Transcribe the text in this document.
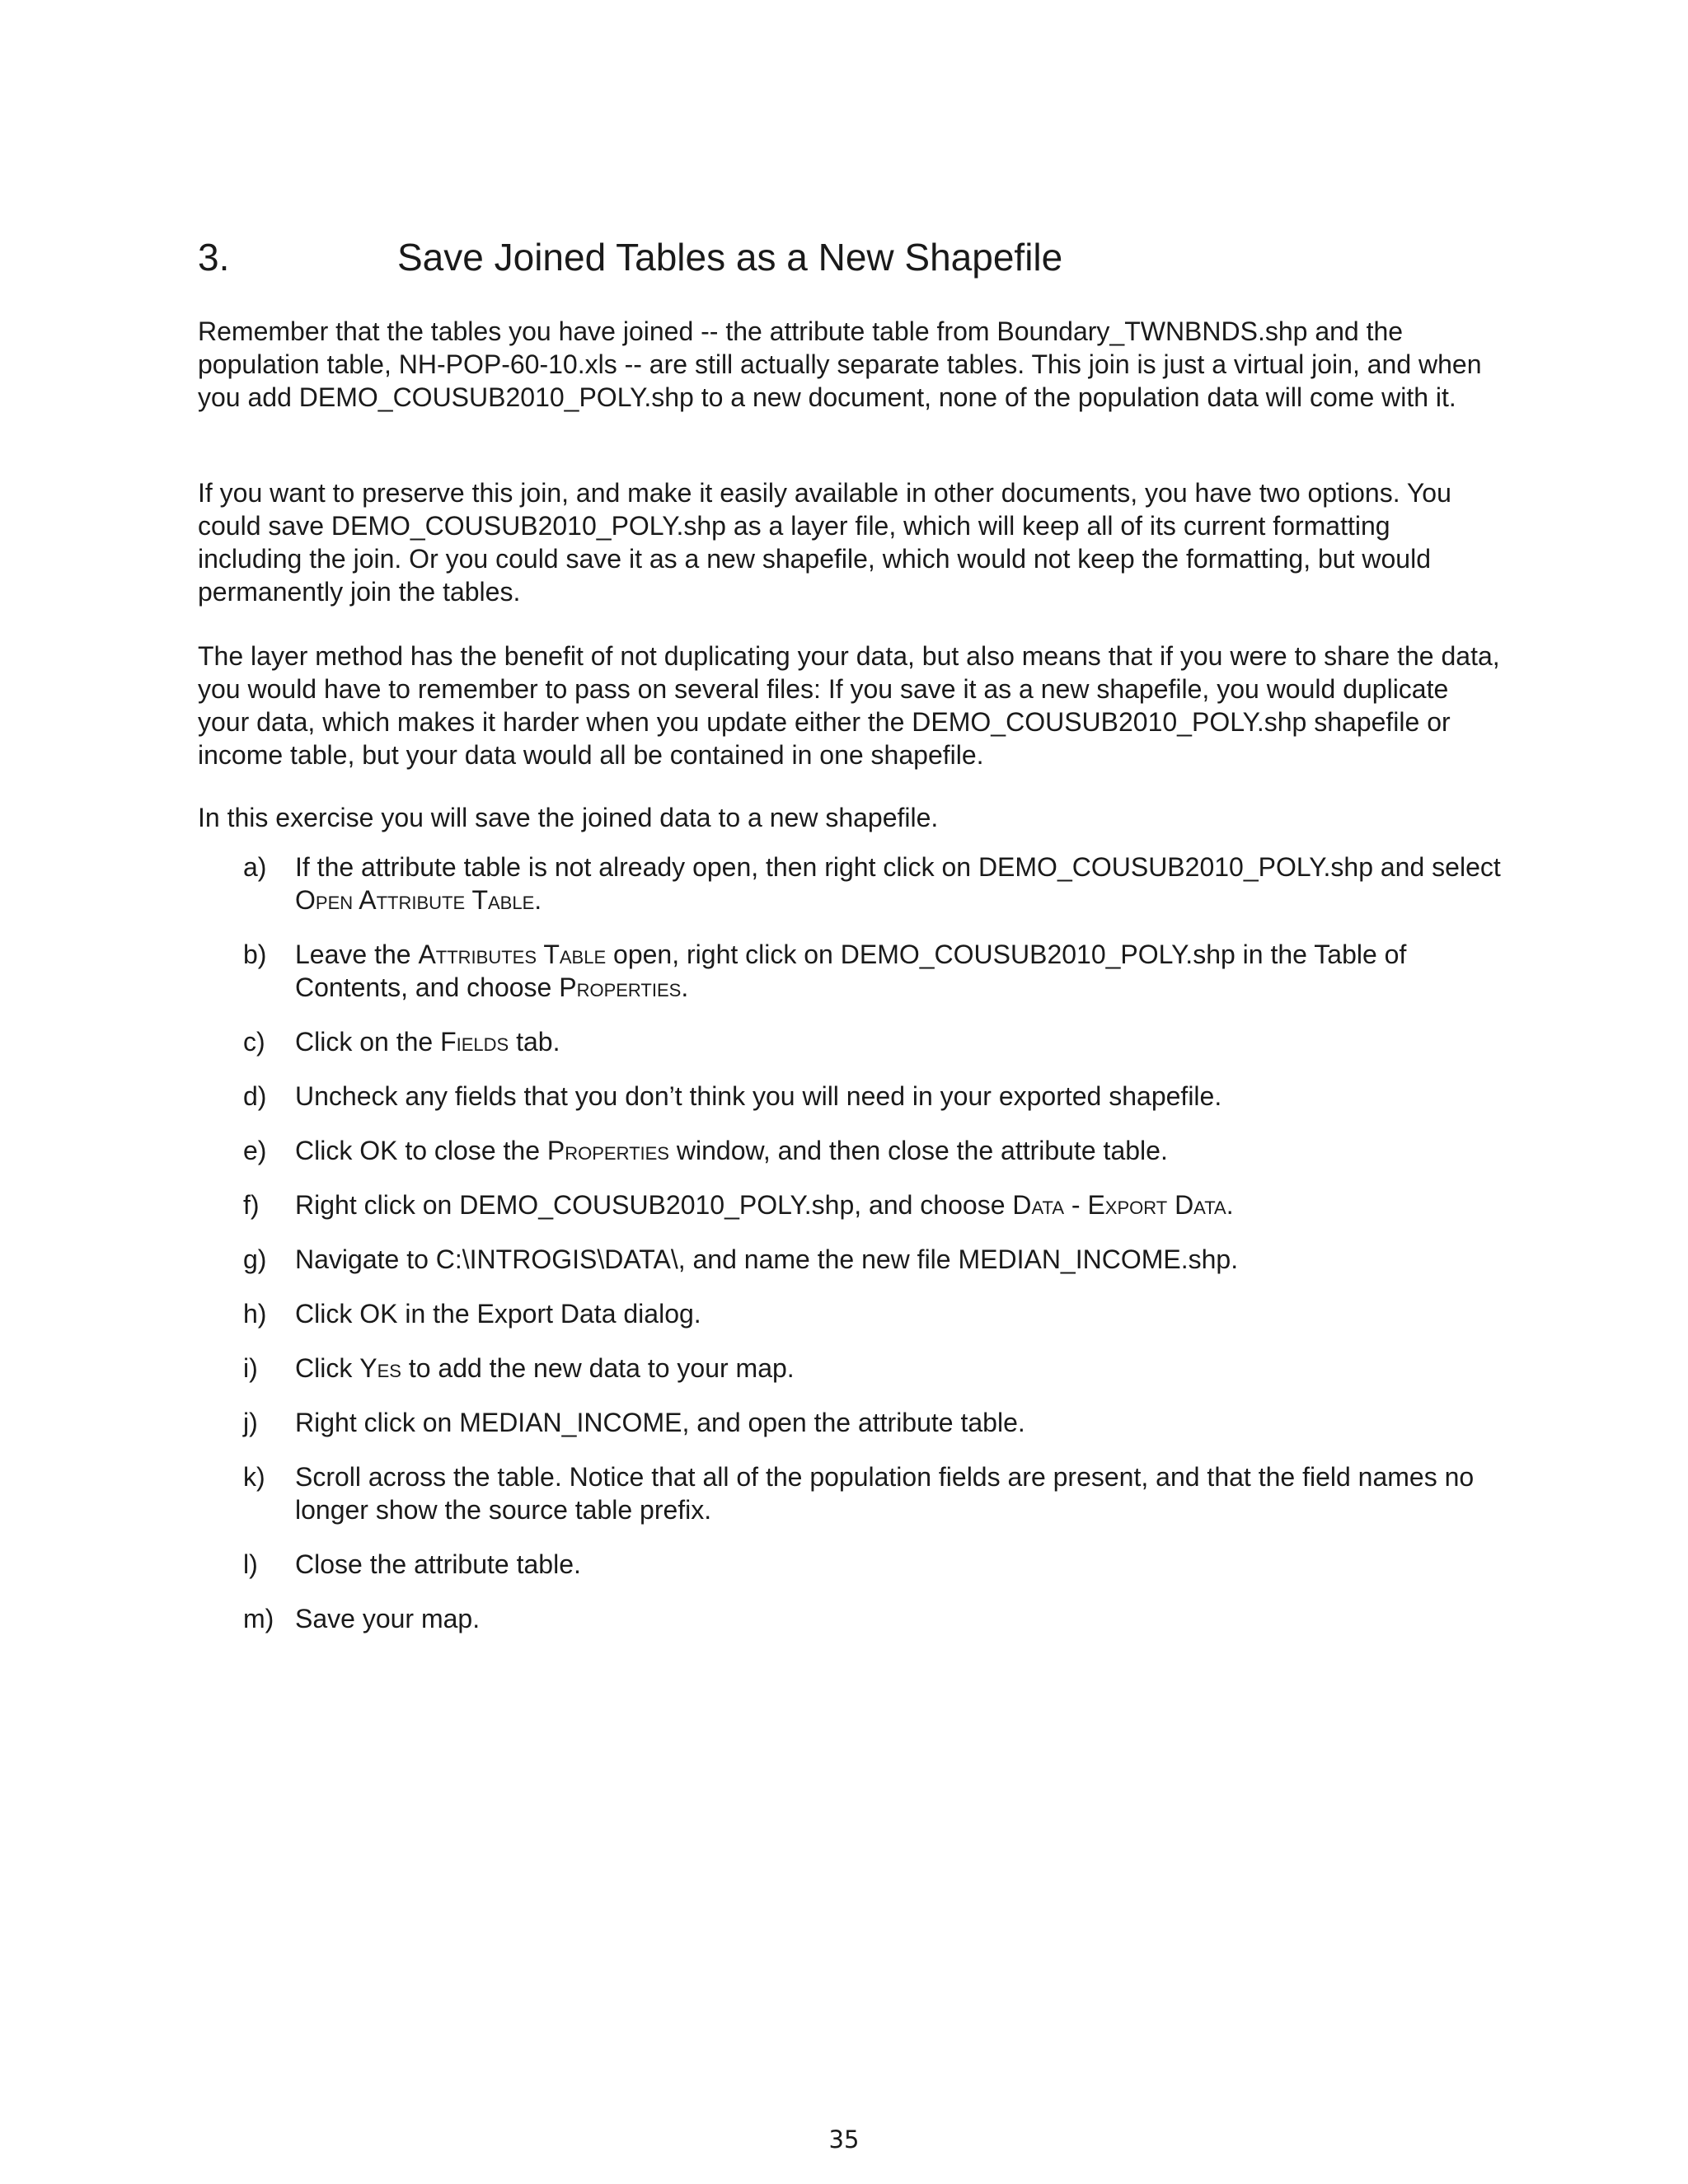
3.	Save Joined Tables as a New Shapefile

Remember that the tables you have joined -- the attribute table from Boundary_TWNBNDS.shp and the population table, NH-POP-60-10.xls -- are still actually separate tables. This join is just a virtual join, and when you add DEMO_COUSUB2010_POLY.shp to a new document, none of the population data will come with it.

If you want to preserve this join, and make it easily available in other documents, you have two options. You could save DEMO_COUSUB2010_POLY.shp as a layer file, which will keep all of its current formatting including the join. Or you could save it as a new shapefile, which would not keep the formatting, but would permanently join the tables.

The layer method has the benefit of not duplicating your data, but also means that if you were to share the data, you would have to remember to pass on several files: If you save it as a new shapefile, you would duplicate your data, which makes it harder when you update either the DEMO_COUSUB2010_POLY.shp shapefile or income table, but your data would all be contained in one shapefile.

In this exercise you will save the joined data to a new shapefile.

a) If the attribute table is not already open, then right click on DEMO_COUSUB2010_POLY.shp and select Open Attribute Table.
b) Leave the Attributes Table open, right click on DEMO_COUSUB2010_POLY.shp in the Table of Contents, and choose Properties.
c) Click on the Fields tab.
d) Uncheck any fields that you don’t think you will need in your exported shapefile.
e) Click OK to close the Properties window, and then close the attribute table.
f) Right click on DEMO_COUSUB2010_POLY.shp, and choose Data - Export Data.
g) Navigate to C:\INTROGIS\DATA\, and name the new file MEDIAN_INCOME.shp.
h) Click OK in the Export Data dialog.
i) Click Yes to add the new data to your map.
j) Right click on MEDIAN_INCOME, and open the attribute table.
k) Scroll across the table. Notice that all of the population fields are present, and that the field names no longer show the source table prefix.
l) Close the attribute table.
m) Save your map.
35
